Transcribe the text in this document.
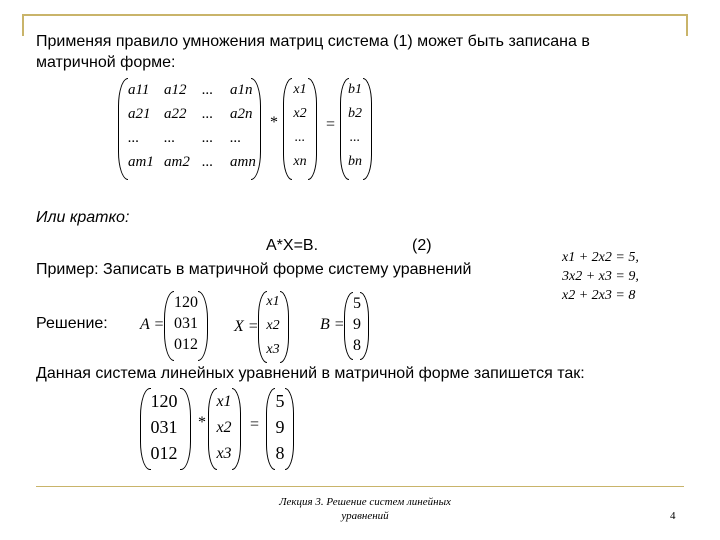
Применяя правило умножения матриц система (1) может быть записана в
матричной форме:
a11 a12 ... a1n
a21 a22 ... a2n
... ... ... ...
am1 am2 ... amn
*
x1
x2
...
xn
=
b1
b2
...
bn
Или кратко:
A*X=B.	(2)
Пример: Записать в матричной форме систему уравнений
x1 + 2x2 = 5,
3x2 + x3 = 9,
x2 + 2x3 = 8
Решение: A =
120
031
012
X =
x1
x2
x3
B =
5
9
8
Данная система линейных уравнений в матричной форме запишется так:
120
031
012
*
x1
x2
x3
=
5
9
8
Лекция 3. Решение систем линейных
уравнений	4
